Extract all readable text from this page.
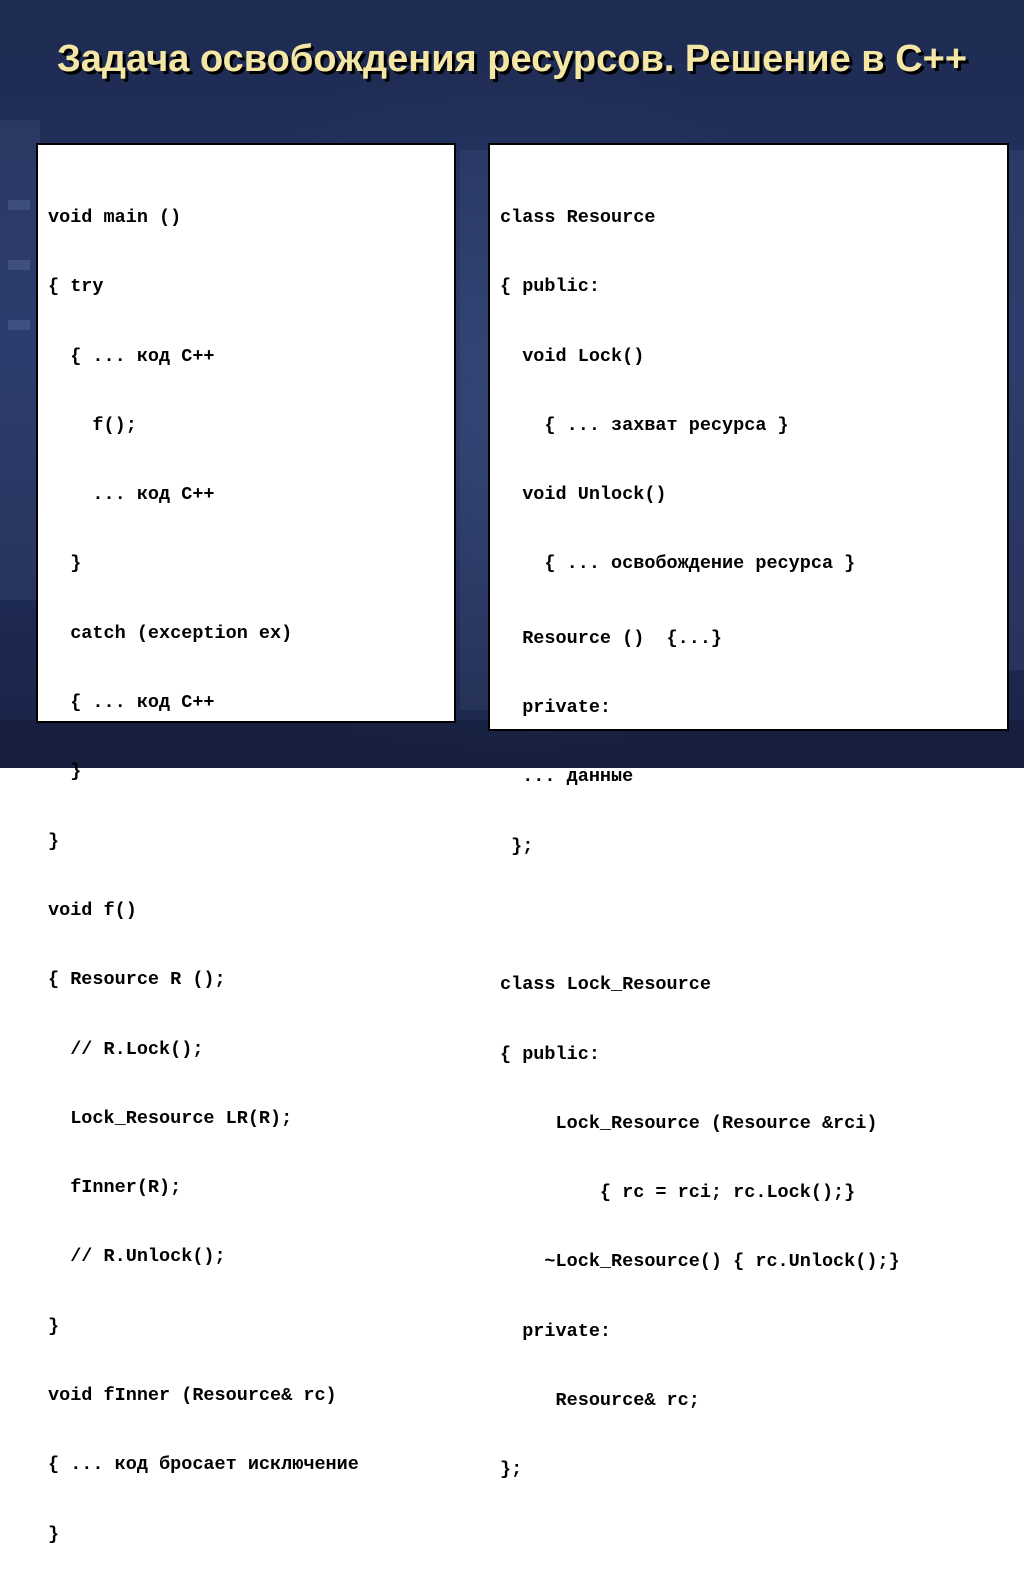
Задача освобождения ресурсов. Решение в С++

void main ()

{ try

{ ... код C++

f();

... код C++

}

catch (exception ex)

{ ... код C++

}

}

void f()

{ Resource R ();

// R.Lock();

Lock_Resource LR(R);

fInner(R);

// R.Unlock();

}

void fInner (Resource& rc)

{ ... код бросает исключение

}

class Resource

{ public:

void Lock()

{ ... захват ресурса }

void Unlock()

{ ... освобождение ресурса }

Resource ()  {...}

private:

... данные

};

class Lock_Resource

{ public:

Lock_Resource (Resource &rci)

{ rc = rci; rc.Lock();}

~Lock_Resource() { rc.Unlock();}

private:

Resource& rc;

};
